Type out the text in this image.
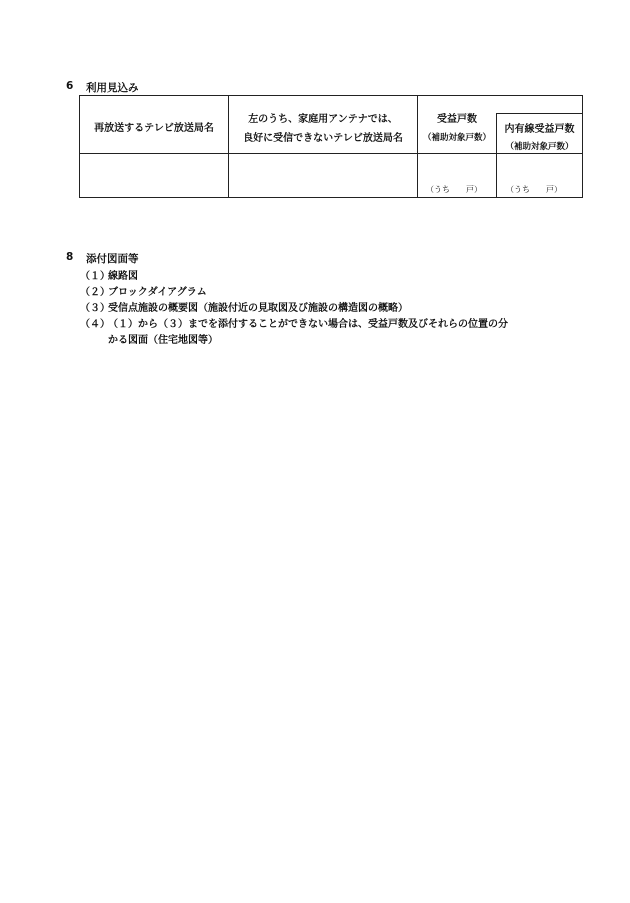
6 利用見込み
再放送するテレビ放送局名
左のうち、家庭用アンテナでは、
良好に受信できないテレビ放送局名
受益戸数
（補助対象戸数）
内有線受益戸数
（補助対象戸数）
（うち　　戸）	（うち　　戸）
8 添付図面等
（１）
線路図
（２）
ブロックダイアグラム
（３）
受信点施設の概要図（施設付近の見取図及び施設の構造図の概略）
（４）
（１）から（３）までを添付することができない場合は、受益戸数及びそれらの位置の分
かる図面（住宅地図等）
